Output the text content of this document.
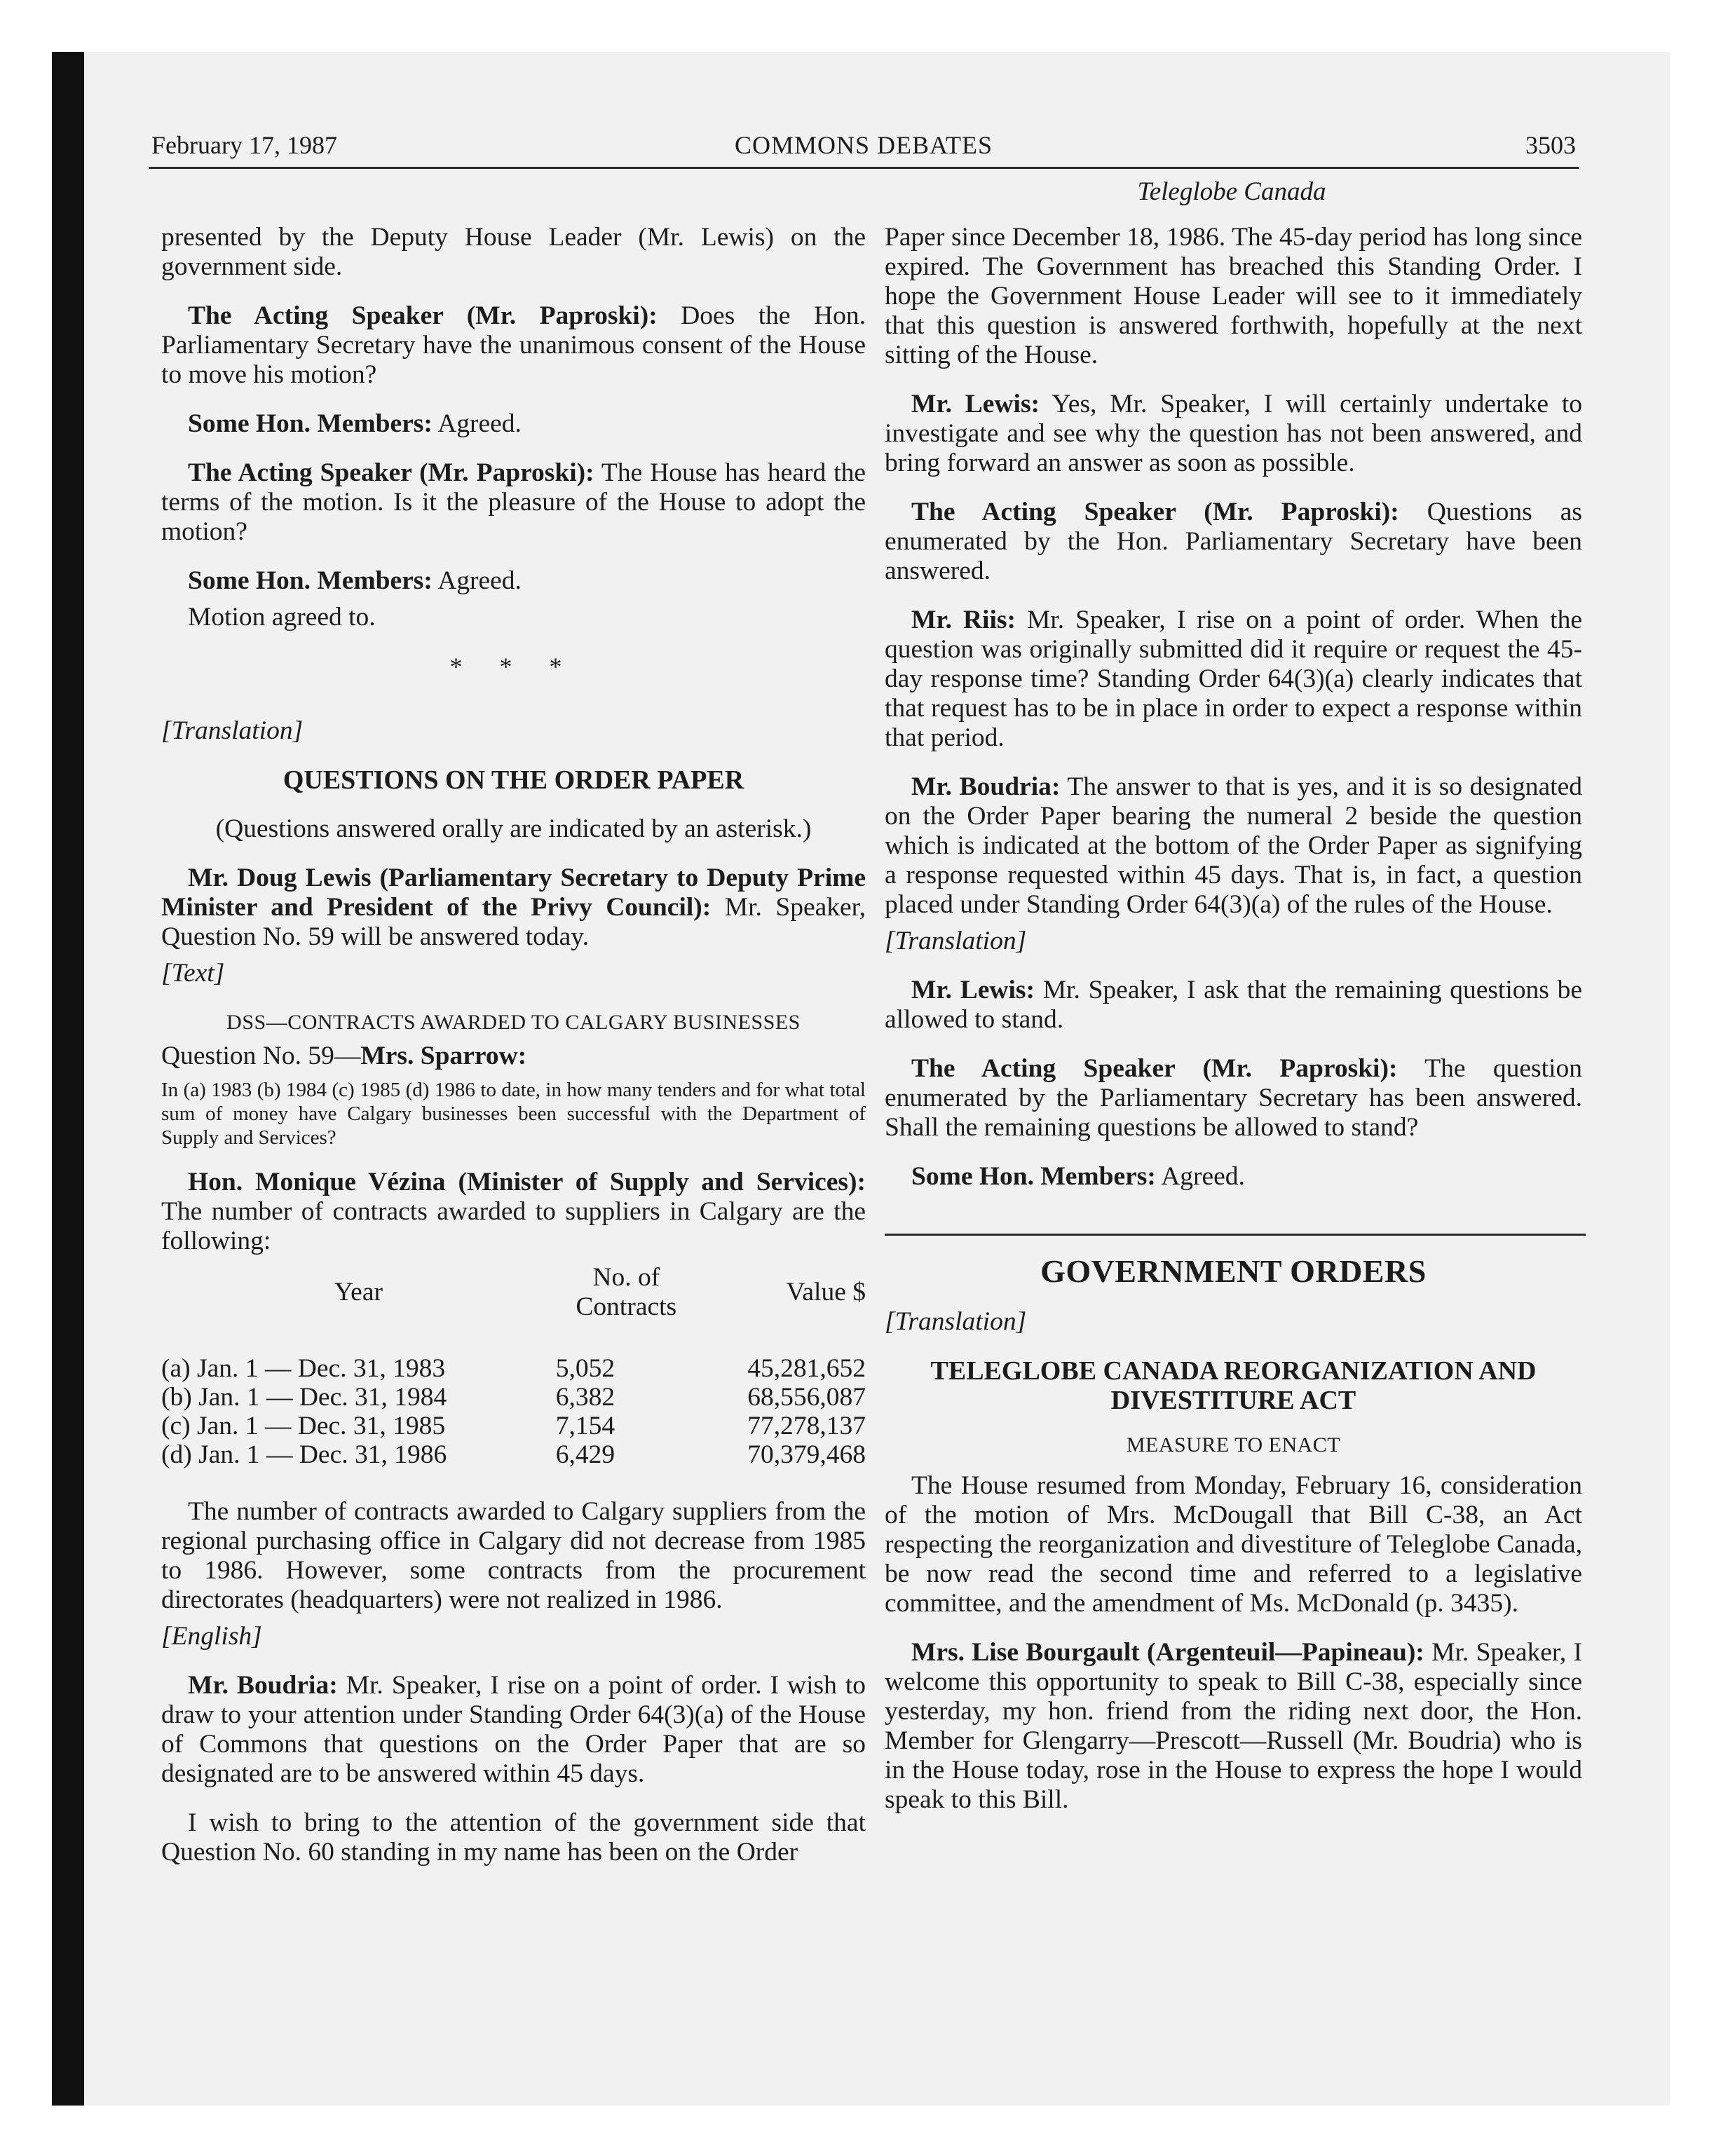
February 17, 1987	COMMONS DEBATES	3503
Teleglobe Canada

presented by the Deputy House Leader (Mr. Lewis) on the government side.

The Acting Speaker (Mr. Paproski): Does the Hon. Parliamentary Secretary have the unanimous consent of the House to move his motion?

Some Hon. Members: Agreed.

The Acting Speaker (Mr. Paproski): The House has heard the terms of the motion. Is it the pleasure of the House to adopt the motion?

Some Hon. Members: Agreed.

Motion agreed to.

* * *

[Translation]

QUESTIONS ON THE ORDER PAPER

(Questions answered orally are indicated by an asterisk.)

Mr. Doug Lewis (Parliamentary Secretary to Deputy Prime Minister and President of the Privy Council): Mr. Speaker, Question No. 59 will be answered today.

[Text]

DSS—CONTRACTS AWARDED TO CALGARY BUSINESSES

Question No. 59—Mrs. Sparrow:

In (a) 1983 (b) 1984 (c) 1985 (d) 1986 to date, in how many tenders and for what total sum of money have Calgary businesses been successful with the Department of Supply and Services?

Hon. Monique Vézina (Minister of Supply and Services): The number of contracts awarded to suppliers in Calgary are the following:

Year	No. of Contracts	Value $
(a) Jan. 1 — Dec. 31, 1983	5,052	45,281,652
(b) Jan. 1 — Dec. 31, 1984	6,382	68,556,087
(c) Jan. 1 — Dec. 31, 1985	7,154	77,278,137
(d) Jan. 1 — Dec. 31, 1986	6,429	70,379,468

The number of contracts awarded to Calgary suppliers from the regional purchasing office in Calgary did not decrease from 1985 to 1986. However, some contracts from the procurement directorates (headquarters) were not realized in 1986.

[English]

Mr. Boudria: Mr. Speaker, I rise on a point of order. I wish to draw to your attention under Standing Order 64(3)(a) of the House of Commons that questions on the Order Paper that are so designated are to be answered within 45 days.

I wish to bring to the attention of the government side that Question No. 60 standing in my name has been on the Order

Paper since December 18, 1986. The 45-day period has long since expired. The Government has breached this Standing Order. I hope the Government House Leader will see to it immediately that this question is answered forthwith, hopefully at the next sitting of the House.

Mr. Lewis: Yes, Mr. Speaker, I will certainly undertake to investigate and see why the question has not been answered, and bring forward an answer as soon as possible.

The Acting Speaker (Mr. Paproski): Questions as enumerated by the Hon. Parliamentary Secretary have been answered.

Mr. Riis: Mr. Speaker, I rise on a point of order. When the question was originally submitted did it require or request the 45-day response time? Standing Order 64(3)(a) clearly indicates that that request has to be in place in order to expect a response within that period.

Mr. Boudria: The answer to that is yes, and it is so designated on the Order Paper bearing the numeral 2 beside the question which is indicated at the bottom of the Order Paper as signifying a response requested within 45 days. That is, in fact, a question placed under Standing Order 64(3)(a) of the rules of the House.

[Translation]

Mr. Lewis: Mr. Speaker, I ask that the remaining questions be allowed to stand.

The Acting Speaker (Mr. Paproski): The question enumerated by the Parliamentary Secretary has been answered. Shall the remaining questions be allowed to stand?

Some Hon. Members: Agreed.

GOVERNMENT ORDERS

[Translation]

TELEGLOBE CANADA REORGANIZATION AND DIVESTITURE ACT
MEASURE TO ENACT

The House resumed from Monday, February 16, consideration of the motion of Mrs. McDougall that Bill C-38, an Act respecting the reorganization and divestiture of Teleglobe Canada, be now read the second time and referred to a legislative committee, and the amendment of Ms. McDonald (p. 3435).

Mrs. Lise Bourgault (Argenteuil—Papineau): Mr. Speaker, I welcome this opportunity to speak to Bill C-38, especially since yesterday, my hon. friend from the riding next door, the Hon. Member for Glengarry—Prescott—Russell (Mr. Boudria) who is in the House today, rose in the House to express the hope I would speak to this Bill.
